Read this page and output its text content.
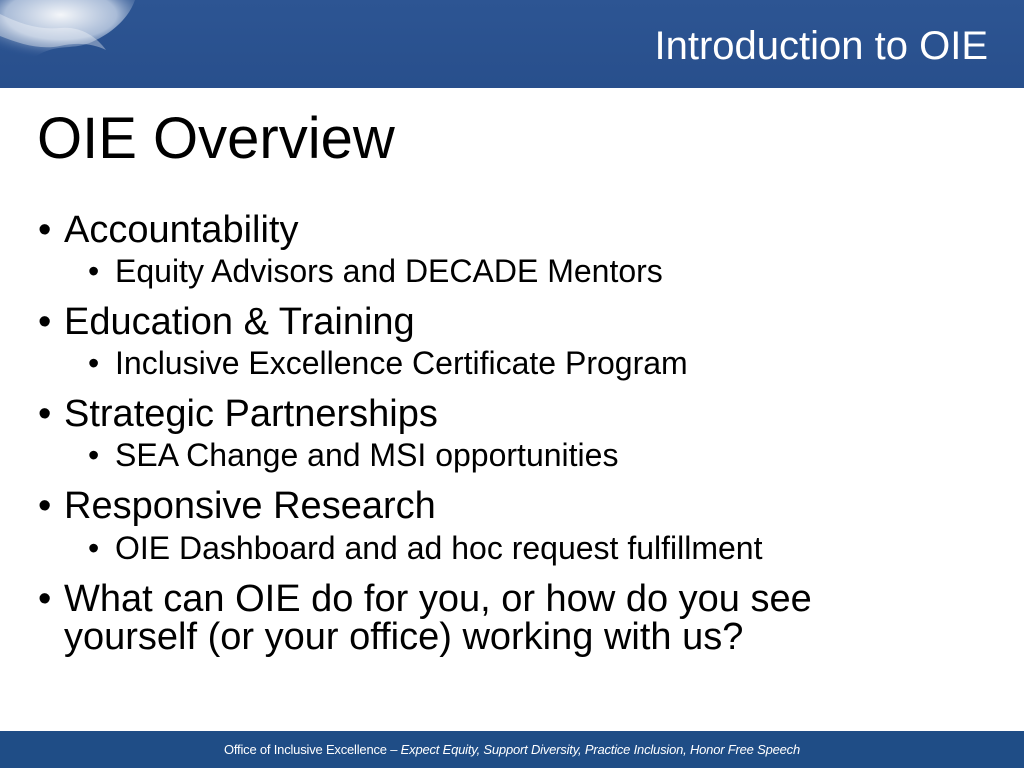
Introduction to OIE
OIE Overview

• Accountability

• Equity Advisors and DECADE Mentors

• Education & Training

• Inclusive Excellence Certificate Program

• Strategic Partnerships

• SEA Change and MSI opportunities

• Responsive Research

• OIE Dashboard and ad hoc request fulfillment

• What can OIE do for you, or how do you see yourself (or your office) working with us?
Office of Inclusive Excellence – Expect Equity, Support Diversity, Practice Inclusion, Honor Free Speech
